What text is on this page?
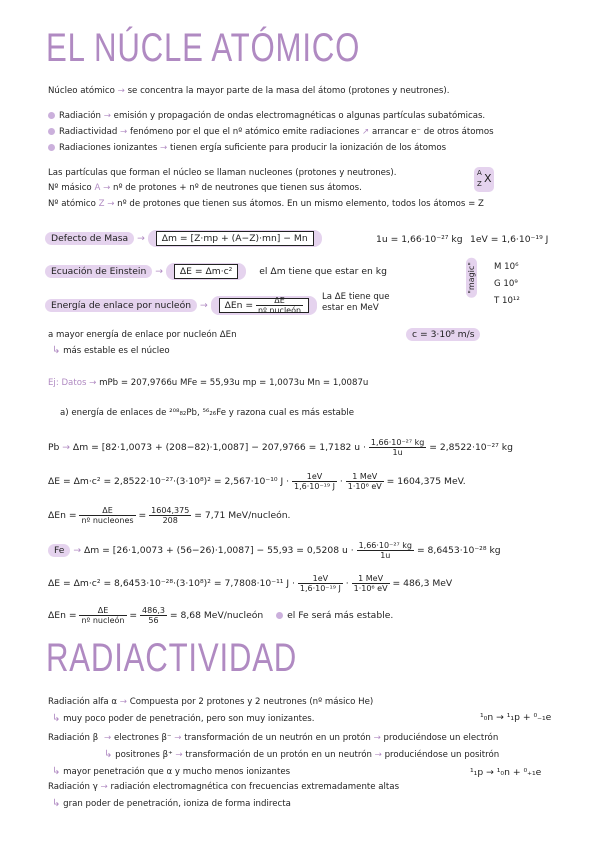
EL NÚCLE ATÓMICO
Núcleo atómico → se concentra la mayor parte de la masa del átomo (protones y neutrones).
Radiación → emisión y propagación de ondas electromagnéticas o algunas partículas subatómicas.
Radiactividad → fenómeno por el que el nº atómico emite radiaciones ↗ arrancar e⁻ de otros átomos
Radiaciones ionizantes → tienen ergía suficiente para producir la ionización de los átomos
Las partículas que forman el núcleo se llaman nucleones (protones y neutrones).
Nº másico A → nº de protones + nº de neutrones que tienen sus átomos.
Nº atómico Z → nº de protones que tienen sus átomos. En un mismo elemento, todos los átomos = Z
A
Z X
Defecto de Masa → Δm = [Z·mp + (A−Z)·mn] − Mn	1u = 1,66·10⁻²⁷ kg 1eV = 1,6·10⁻¹⁹ J
Ecuación de Einstein → ΔE = Δm·c²	el Δm tiene que estar en kg	"magic" M 10⁶
G 10⁹
T 10¹²
Energía de enlace por nucleón → $\Delta En = \frac{\Delta E}{\text{nº nucleón}}$ La ΔE tiene que
estar en MeV
a mayor energía de enlace por nucleón ΔEn
↳ más estable es el núcleo
c = 3·10⁸ m/s
Ej: Datos → mPb = 207,9766u MFe = 55,93u mp = 1,0073u Mn = 1,0087u
a) energía de enlaces de ²⁰⁸₈₂Pb, ⁵⁶₂₆Fe y razona cual es más estable
Pb → Δm = [82·1,0073 + (208−82)·1,0087] − 207,9766 = 1,7182 $u \cdot \frac{\text{1,66·10⁻²⁷ kg}}{1u} = 2,8522\cdot 10^{-27}$ kg
ΔE = Δm·c² = 2,8522·10⁻²⁷·(3·10⁸)² = 2,567·10⁻¹⁰ $J \cdot \frac{1eV}{\text{1,6·10⁻¹⁹ J}} \cdot \frac{\text{1 MeV}}{\text{1·10⁶ eV}} = 1604,375$ MeV.
$\Delta En = \frac{\Delta E}{\text{nº nucleones}} = \frac{1604,375}{208} = 7,71$ MeV/nucleón.
Fe → Δm = [26·1,0073 + (56−26)·1,0087] − 55,93 = 0,5208 $u \cdot \frac{\text{1,66·10⁻²⁷ kg}}{1u} = 8,6453\cdot 10^{-28}$ kg
ΔE = Δm·c² = 8,6453·10⁻²⁸·(3·10⁸)² = 7,7808·10⁻¹¹ $J \cdot \frac{1eV}{\text{1,6·10⁻¹⁹ J}} \cdot \frac{\text{1 MeV}}{\text{1·10⁶ eV}} = 486,3$ MeV
$\Delta En = \frac{\Delta E}{\text{nº nucleón}} = \frac{486,3}{56} = 8,68$ MeV/nucleón	el Fe será más estable.
RADIACTIVIDAD
Radiación alfa α → Compuesta por 2 protones y 2 neutrones (nº másico He)
↳ muy poco poder de penetración, pero son muy ionizantes.	¹₀n → ¹₁p + ⁰₋₁e
Radiación β → electrones β⁻ → transformación de un neutrón en un protón → produciéndose un electrón
↳ positrones β⁺ → transformación de un protón en un neutrón → produciéndose un positrón
↳ mayor penetración que α y mucho menos ionizantes	¹₁p → ¹₀n + ⁰₊₁e
Radiación γ → radiación electromagnética con frecuencias extremadamente altas
↳ gran poder de penetración, ioniza de forma indirecta
